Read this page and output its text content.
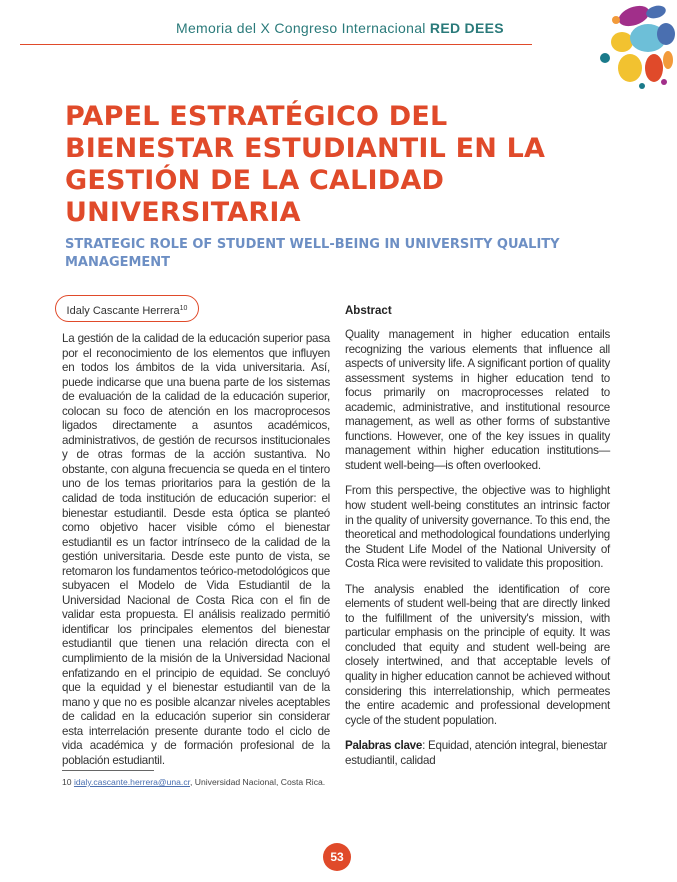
Memoria del X Congreso Internacional RED DEES
PAPEL ESTRATÉGICO DEL BIENESTAR ESTUDIANTIL EN LA GESTIÓN DE LA CALIDAD UNIVERSITARIA
STRATEGIC ROLE OF STUDENT WELL-BEING IN UNIVERSITY QUALITY MANAGEMENT
Idaly Cascante Herrera$^{10}$
La gestión de la calidad de la educación superior pasa por el reconocimiento de los elementos que influyen en todos los ámbitos de la vida universitaria. Así, puede indicarse que una buena parte de los sistemas de evaluación de la calidad de la educación superior, colocan su foco de atención en los macroprocesos ligados directamente a asuntos académicos, administrativos, de gestión de recursos institucionales y de otras formas de la acción sustantiva. No obstante, con alguna frecuencia se queda en el tintero uno de los temas prioritarios para la gestión de la calidad de toda institución de educación superior: el bienestar estudiantil. Desde esta óptica se planteó como objetivo hacer visible cómo el bienestar estudiantil es un factor intrínseco de la calidad de la gestión universitaria. Desde este punto de vista, se retomaron los fundamentos teórico-metodológicos que subyacen el Modelo de Vida Estudiantil de la Universidad Nacional de Costa Rica con el fin de validar esta propuesta. El análisis realizado permitió identificar los principales elementos del bienestar estudiantil que tienen una relación directa con el cumplimiento de la misión de la Universidad Nacional enfatizando en el principio de equidad. Se concluyó que la equidad y el bienestar estudiantil van de la mano y que no es posible alcanzar niveles aceptables de calidad en la educación superior sin considerar esta interrelación presente durante todo el ciclo de vida académica y de formación profesional de la población estudiantil.
Abstract

Quality management in higher education entails recognizing the various elements that influence all aspects of university life. A significant portion of quality assessment systems in higher education tend to focus primarily on macroprocesses related to academic, administrative, and institutional resource management, as well as other forms of substantive functions. However, one of the key issues in quality management within higher education institutions—student well-being—is often overlooked.

From this perspective, the objective was to highlight how student well-being constitutes an intrinsic factor in the quality of university governance. To this end, the theoretical and methodological foundations underlying the Student Life Model of the National University of Costa Rica were revisited to validate this proposition.

The analysis enabled the identification of core elements of student well-being that are directly linked to the fulfillment of the university's mission, with particular emphasis on the principle of equity. It was concluded that equity and student well-being are closely intertwined, and that acceptable levels of quality in higher education cannot be achieved without considering this interrelationship, which permeates the entire academic and professional development cycle of the student population.

Palabras clave: Equidad, atención integral, bienestar estudiantil, calidad
10 idaly.cascante.herrera@una.cr, Universidad Nacional, Costa Rica.
53
